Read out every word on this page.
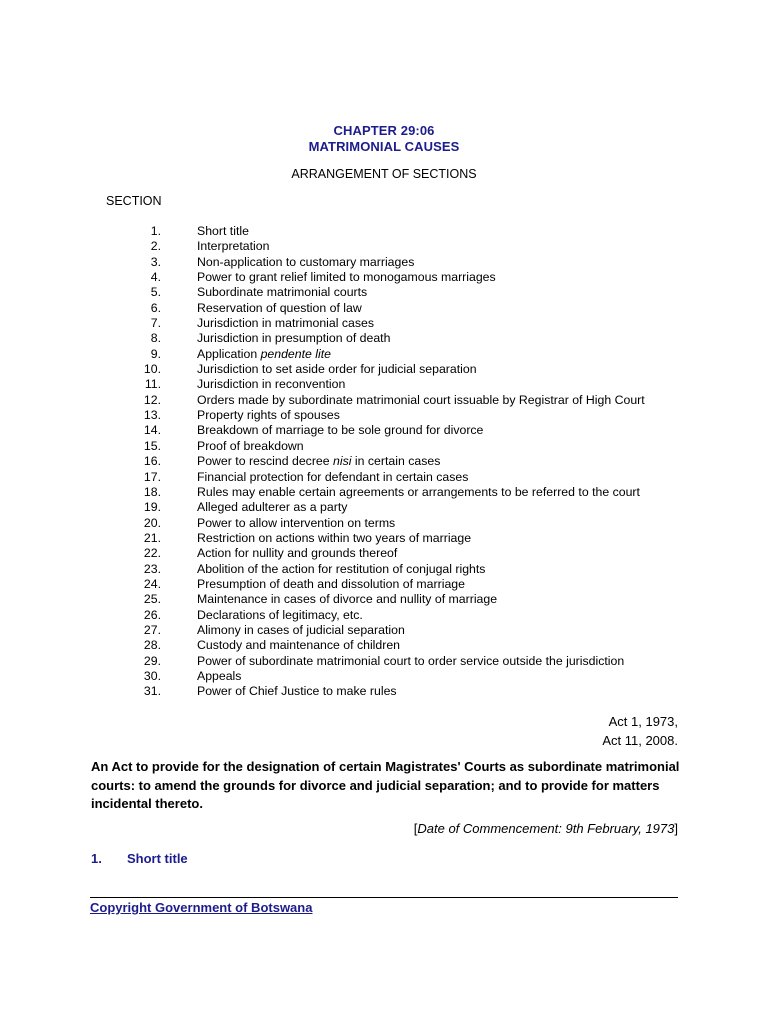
CHAPTER 29:06
MATRIMONIAL CAUSES
ARRANGEMENT OF SECTIONS
SECTION
1.	Short title
2.	Interpretation
3.	Non-application to customary marriages
4.	Power to grant relief limited to monogamous marriages
5.	Subordinate matrimonial courts
6.	Reservation of question of law
7.	Jurisdiction in matrimonial cases
8.	Jurisdiction in presumption of death
9.	Application pendente lite
10.	Jurisdiction to set aside order for judicial separation
11.	Jurisdiction in reconvention
12.	Orders made by subordinate matrimonial court issuable by Registrar of High Court
13.	Property rights of spouses
14.	Breakdown of marriage to be sole ground for divorce
15.	Proof of breakdown
16.	Power to rescind decree nisi in certain cases
17.	Financial protection for defendant in certain cases
18.	Rules may enable certain agreements or arrangements to be referred to the court
19.	Alleged adulterer as a party
20.	Power to allow intervention on terms
21.	Restriction on actions within two years of marriage
22.	Action for nullity and grounds thereof
23.	Abolition of the action for restitution of conjugal rights
24.	Presumption of death and dissolution of marriage
25.	Maintenance in cases of divorce and nullity of marriage
26.	Declarations of legitimacy, etc.
27.	Alimony in cases of judicial separation
28.	Custody and maintenance of children
29.	Power of subordinate matrimonial court to order service outside the jurisdiction
30.	Appeals
31.	Power of Chief Justice to make rules
Act 1, 1973,
Act 11, 2008.
An Act to provide for the designation of certain Magistrates' Courts as subordinate matrimonial courts: to amend the grounds for divorce and judicial separation; and to provide for matters incidental thereto.
[Date of Commencement: 9th February, 1973]
1. Short title
Copyright Government of Botswana
